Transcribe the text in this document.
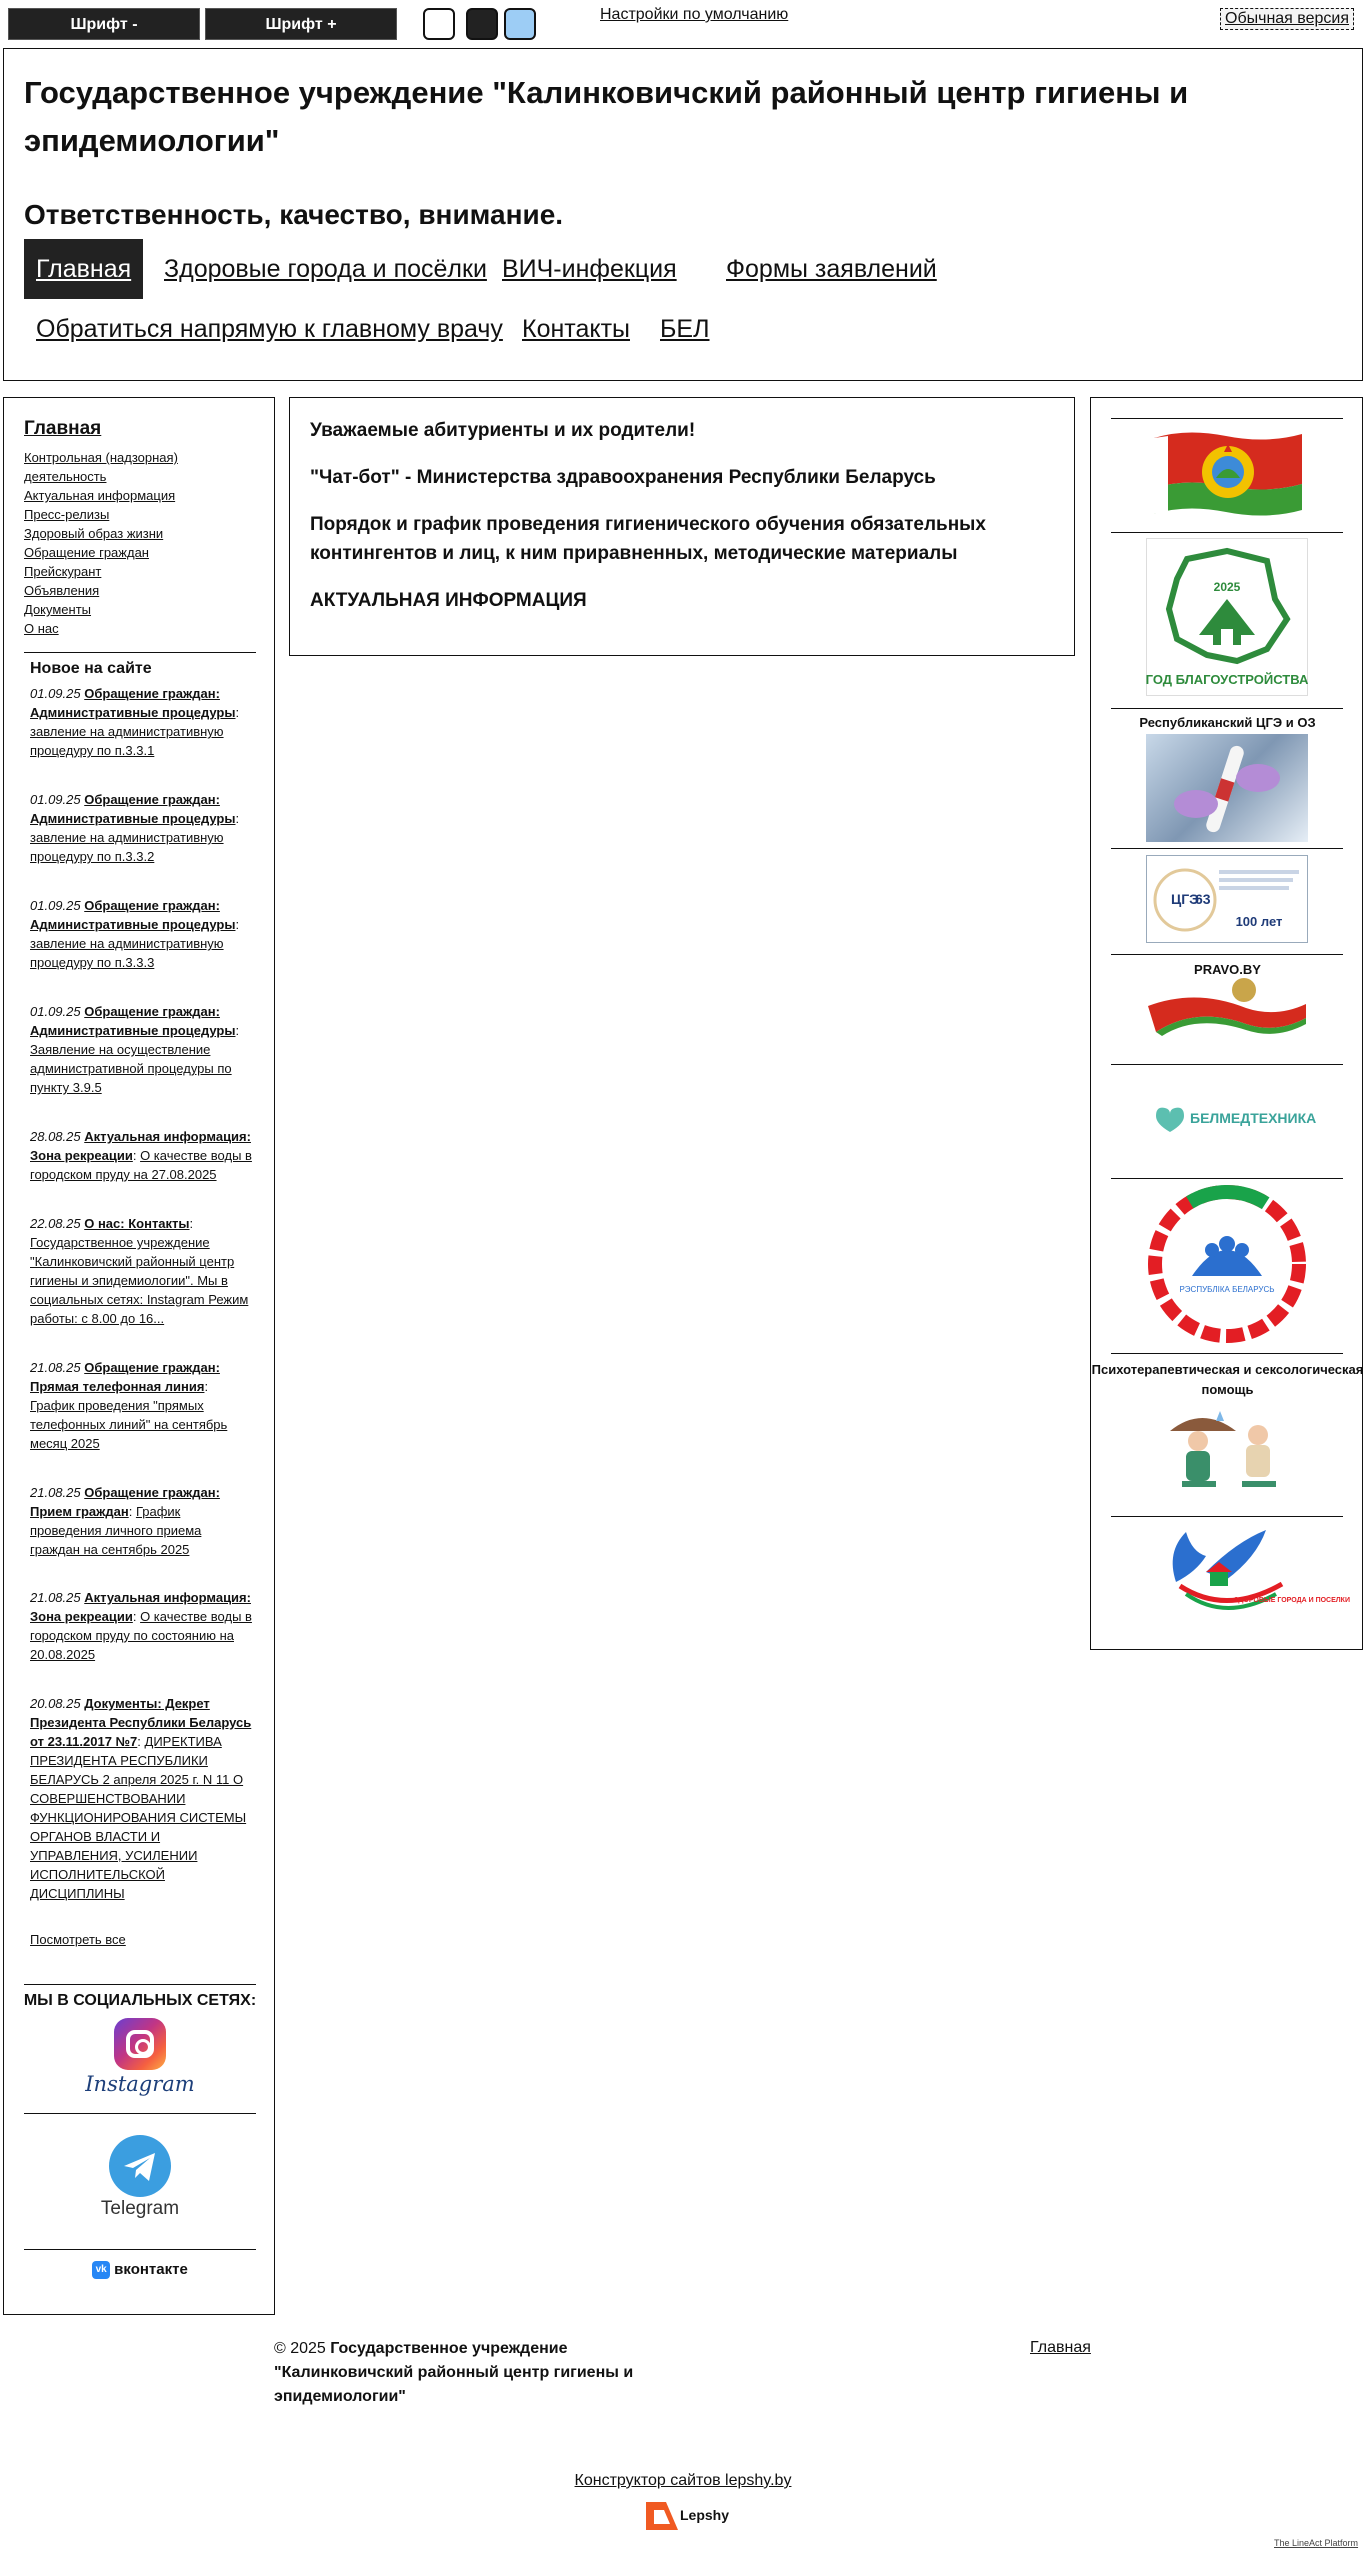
Шрифт -	Шрифт +
Настройки по умолчанию	Обычная версия
Государственное учреждение "Калинковичский районный центр гигиены и эпидемиологии"
Ответственность, качество, внимание.
Главная	Здоровые города и посёлки ВИЧ-инфекция	Формы заявлений
Обратиться напрямую к главному врачу Контакты	БЕЛ
Главная
Контрольная (надзорная)
деятельность
Актуальная информация
Пресс-релизы
Здоровый образ жизни
Обращение граждан
Прейскурант
Объявления
Документы
О нас
Новое на сайте
01.09.25 Обращение граждан: Административные процедуры: завление на административную процедуру по п.3.3.1
01.09.25 Обращение граждан: Административные процедуры: завление на административную процедуру по п.3.3.2
01.09.25 Обращение граждан: Административные процедуры: завление на административную процедуру по п.3.3.3
01.09.25 Обращение граждан: Административные процедуры: Заявление на осуществление административной процедуры по пункту 3.9.5
28.08.25 Актуальная информация: Зона рекреации: О качестве воды в городском пруду на 27.08.2025
22.08.25 О нас: Контакты: Государственное учреждение "Калинковичский районный центр гигиены и эпидемиологии". Мы в социальных сетях: Instagram Режим работы: с 8.00 до 16...
21.08.25 Обращение граждан: Прямая телефонная линия: График проведения "прямых телефонных линий" на сентябрь месяц 2025
21.08.25 Обращение граждан: Прием граждан: График проведения личного приема граждан на сентябрь 2025
21.08.25 Актуальная информация: Зона рекреации: О качестве воды в городском пруду по состоянию на 20.08.2025
20.08.25 Документы: Декрет Президента Республики Беларусь от 23.11.2017 №7: ДИРЕКТИВА ПРЕЗИДЕНТА РЕСПУБЛИКИ БЕЛАРУСЬ 2 апреля 2025 г. N 11 О СОВЕРШЕНСТВОВАНИИ ФУНКЦИОНИРОВАНИЯ СИСТЕМЫ ОРГАНОВ ВЛАСТИ И УПРАВЛЕНИЯ, УСИЛЕНИИ ИСПОЛНИТЕЛЬСКОЙ ДИСЦИПЛИНЫ
Посмотреть все
МЫ В СОЦИАЛЬНЫХ СЕТЯХ:
Instagram
Telegram
vk вконтакте
Уважаемые абитуриенты и их родители!
"Чат-бот" - Министерства здравоохранения Республики Беларусь
Порядок и график проведения гигиенического обучения обязательных контингентов и лиц, к ним приравненных, методические материалы
АКТУАЛЬНАЯ ИНФОРМАЦИЯ
2025
ГОД БЛАГОУСТРОЙСТВА
Республиканский ЦГЭ и ОЗ
ЦГЭ
63
100 лет
PRAVO.BY
БЕЛМЕДТЕХНИКА
РЭСПУБЛІКА БЕЛАРУСЬ
Психотерапевтическая и сексологическая помощь
ЗДОРОВЫЕ ГОРОДА И ПОСЕЛКИ
© 2025 Государственное учреждение "Калинковичский районный центр гигиены и эпидемиологии"
Главная
Конструктор сайтов lepshy.by
Lepshy
The LineAct Platform
